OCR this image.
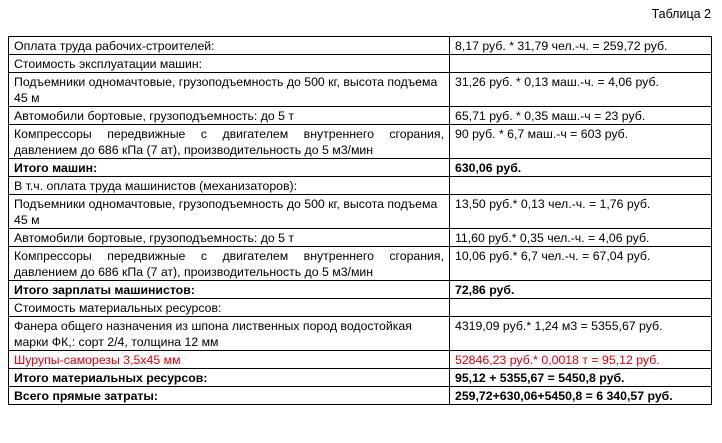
Таблица 2
Оплата труда рабочих-строителей:	8,17 руб. * 31,79 чел.-ч. = 259,72 руб.
Стоимость эксплуатации машин:	
Подъемники одномачтовые, грузоподъемность до 500 кг, высота подъема 45 м	31,26 руб. * 0,13 маш.-ч. = 4,06 руб.
Автомобили бортовые, грузоподъемность: до 5 т	65,71 руб. * 0,35 маш.-ч = 23 руб.
Компрессоры передвижные с двигателем внутреннего сгорания, давлением до 686 кПа (7 ат), производительность до 5 м3/мин	90 руб. * 6,7 маш.-ч = 603 руб.
Итого машин:	630,06 руб.
В т.ч. оплата труда машинистов (механизаторов):	
Подъемники одномачтовые, грузоподъемность до 500 кг, высота подъема 45 м	13,50 руб.* 0,13 чел.-ч. = 1,76 руб.
Автомобили бортовые, грузоподъемность: до 5 т	11,60 руб.* 0,35 чел.-ч. = 4,06 руб.
Компрессоры передвижные с двигателем внутреннего сгорания, давлением до 686 кПа (7 ат), производительность до 5 м3/мин	10,06 руб.* 6,7 чел.-ч. = 67,04 руб.
Итого зарплаты машинистов:	72,86 руб.
Стоимость материальных ресурсов:	
Фанера общего назначения из шпона лиственных пород водостойкая марки ФК,: сорт 2/4, толщина 12 мм	4319,09 руб.* 1,24 м3 = 5355,67 руб.
Шурупы-саморезы 3,5х45 мм	52846,23 руб.* 0,0018 т = 95,12 руб.
Итого материальных ресурсов:	95,12 + 5355,67 = 5450,8 руб.
Всего прямые затраты:	259,72+630,06+5450,8 = 6 340,57 руб.
